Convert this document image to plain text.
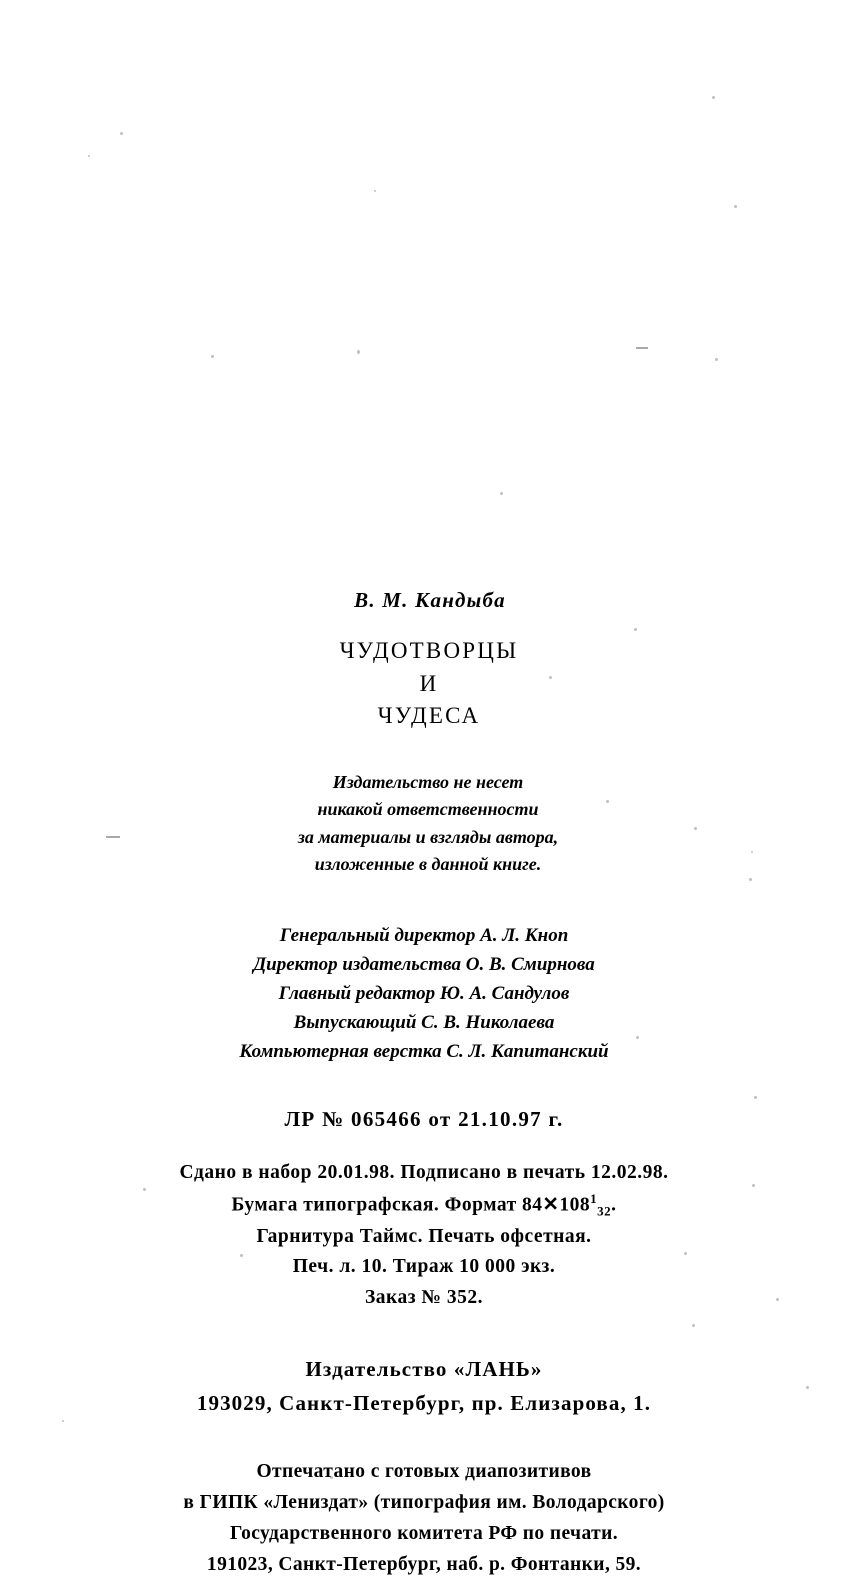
В. М. Кандыба
ЧУДОТВОРЦЫ
И
ЧУДЕСА
Издательство не несет
никакой ответственности
за материалы и взгляды автора,
изложенные в данной книге.
Генеральный директор А. Л. Кноп
Директор издательства О. В. Смирнова
Главный редактор Ю. А. Сандулов
Выпускающий С. В. Николаева
Компьютерная верстка С. Л. Капитанский
ЛР № 065466 от 21.10.97 г.
Сдано в набор 20.01.98. Подписано в печать 12.02.98.
Бумага типографская. Формат $84✕108^1_{32}$.
Гарнитура Таймс. Печать офсетная.
Печ. л. 10. Тираж 10 000 экз.
Заказ № 352.
Издательство «ЛАНЬ»
193029, Санкт-Петербург, пр. Елизарова, 1.
Отпечатано с готовых диапозитивов
в ГИПК «Лениздат» (типография им. Володарского)
Государственного комитета РФ по печати.
191023, Санкт-Петербург, наб. р. Фонтанки, 59.
